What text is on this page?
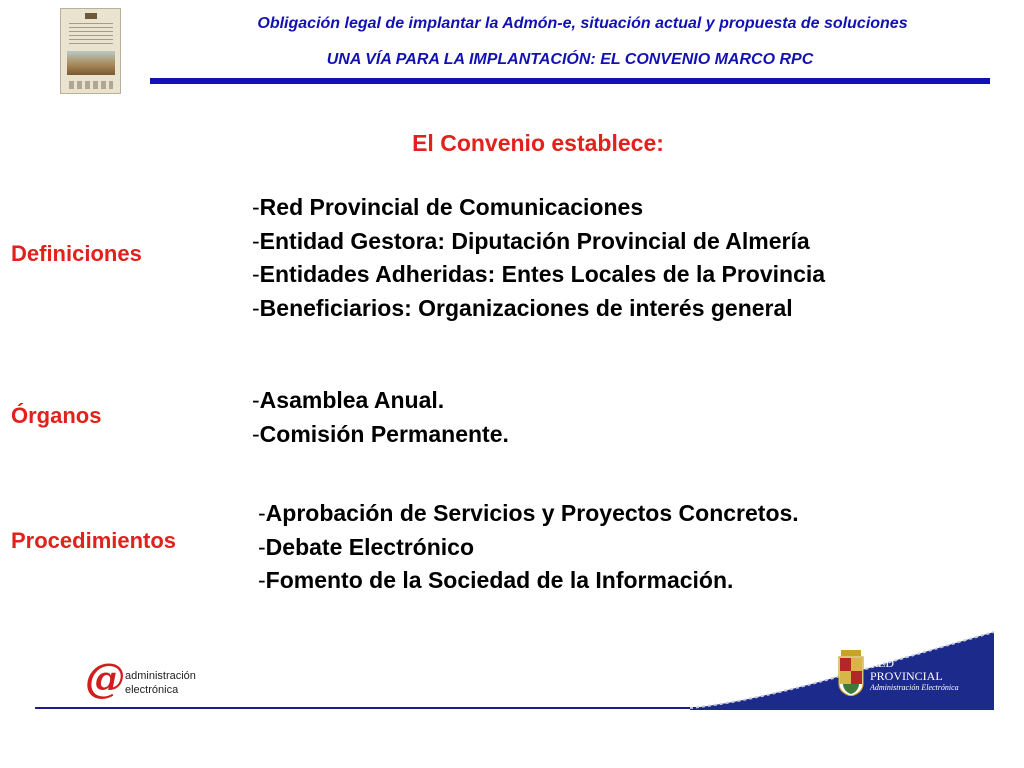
Obligación legal de implantar la Admón-e, situación actual y propuesta de soluciones
UNA VÍA PARA LA IMPLANTACIÓN: EL CONVENIO MARCO RPC
El Convenio establece:
Definiciones
-Red Provincial de Comunicaciones
-Entidad Gestora: Diputación Provincial de Almería
-Entidades Adheridas: Entes Locales de la Provincia
-Beneficiarios: Organizaciones de interés general
Órganos
-Asamblea Anual.
-Comisión Permanente.
Procedimientos
-Aprobación de Servicios y Proyectos Concretos.
-Debate Electrónico
-Fomento de la Sociedad de la Información.
@ administración
electrónica
RED
PROVINCIAL
Administración Electrónica
